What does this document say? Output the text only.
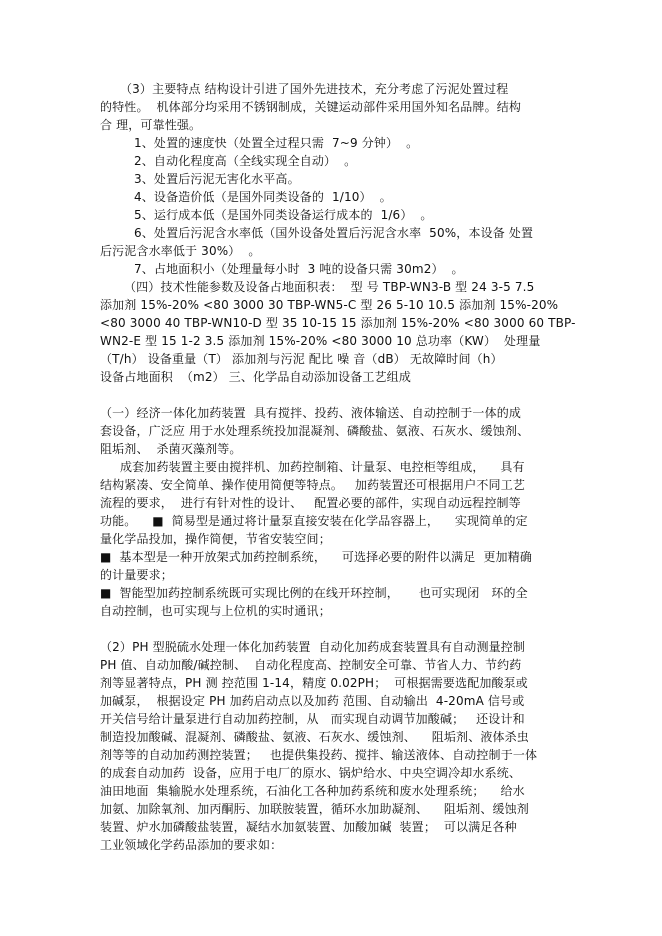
（3）主要特点 结构设计引进了国外先进技术，充分考虑了污泥处置过程
的特性。  机体部分均采用不锈钢制成，关键运动部件采用国外知名品牌。结构
合 理，可靠性强。
1、处置的速度快（处置全过程只需  7~9 分钟）  。
2、自动化程度高（全线实现全自动）  。
3、处置后污泥无害化水平高。
4、设备造价低（是国外同类设备的  1/10）  。
5、运行成本低（是国外同类设备运行成本的  1/6）  。
6、处置后污泥含水率低（国外设备处置后污泥含水率  50%，本设备 处置
后污泥含水率低于 30%）  。
7、占地面积小（处理量每小时  3 吨的设备只需 30m2）  。
（四）技术性能参数及设备占地面积表：  型 号 TBP-WN3-B 型 24 3-5 7.5
添加剂 15%-20% <80 3000 30 TBP-WN5-C 型 26 5-10 10.5 添加剂 15%-20%
<80 3000 40 TBP-WN10-D 型 35 10-15 15 添加剂 15%-20% <80 3000 60 TBP-
WN2-E 型 15 1-2 3.5 添加剂 15%-20% <80 3000 10 总功率（KW）  处理量
（T/h） 设备重量（T） 添加剂与污泥 配比 噪 音（dB） 无故障时间（h）
设备占地面积  （m2） 三、化学品自动添加设备工艺组成
（一）经济一体化加药装置  具有搅拌、投药、液体输送、自动控制于一体的成
套设备，广泛应 用于水处理系统投加混凝剂、磷酸盐、氨液、石灰水、缓蚀剂、
阻垢剂、  杀菌灭藻剂等。
成套加药装置主要由搅拌机、加药控制箱、计量泵、电控柜等组成，    具有
结构紧凑、安全简单、操作使用简便等特点。   加药装置还可根据用户不同工艺
流程的要求，  进行有针对性的设计、   配置必要的部件，实现自动远程控制等
功能。    ■  简易型是通过将计量泵直接安装在化学品容器上，    实现简单的定
量化学品投加，操作简便，节省安装空间；
■  基本型是一种开放架式加药控制系统，    可选择必要的附件以满足  更加精确
的计量要求；
■  智能型加药控制系统既可实现比例的在线开环控制，     也可实现闭   环的全
自动控制，也可实现与上位机的实时通讯；
（2）PH 型脱硫水处理一体化加药装置  自动化加药成套装置具有自动测量控制
PH 值、自动加酸/碱控制、  自动化程度高、控制安全可靠、节省人力、节约药
剂等显著特点，PH 测 控范围 1-14，精度 0.02PH；  可根据需要选配加酸泵或
加碱泵，  根据设定 PH 加药启动点以及加药 范围、自动输出  4-20mA 信号或
开关信号给计量泵进行自动加药控制，从   而实现自动调节加酸碱；   还设计和
制造投加酸碱、混凝剂、磷酸盐、氨液、石灰水、缓蚀剂、    阻垢剂、液体杀虫
剂等等的自动加药测控装置；   也提供集投药、搅拌、输送液体、自动控制于一体
的成套自动加药  设备，应用于电厂的原水、锅炉给水、中央空调冷却水系统、
油田地面  集输脱水处理系统，石油化工各种加药系统和废水处理系统；    给水
加氨、加除氧剂、加丙酮肟、加联胺装置，循环水加助凝剂、    阻垢剂、缓蚀剂
装置、炉水加磷酸盐装置，凝结水加氨装置、加酸加碱  装置；  可以满足各种
工业领域化学药品添加的要求如：
